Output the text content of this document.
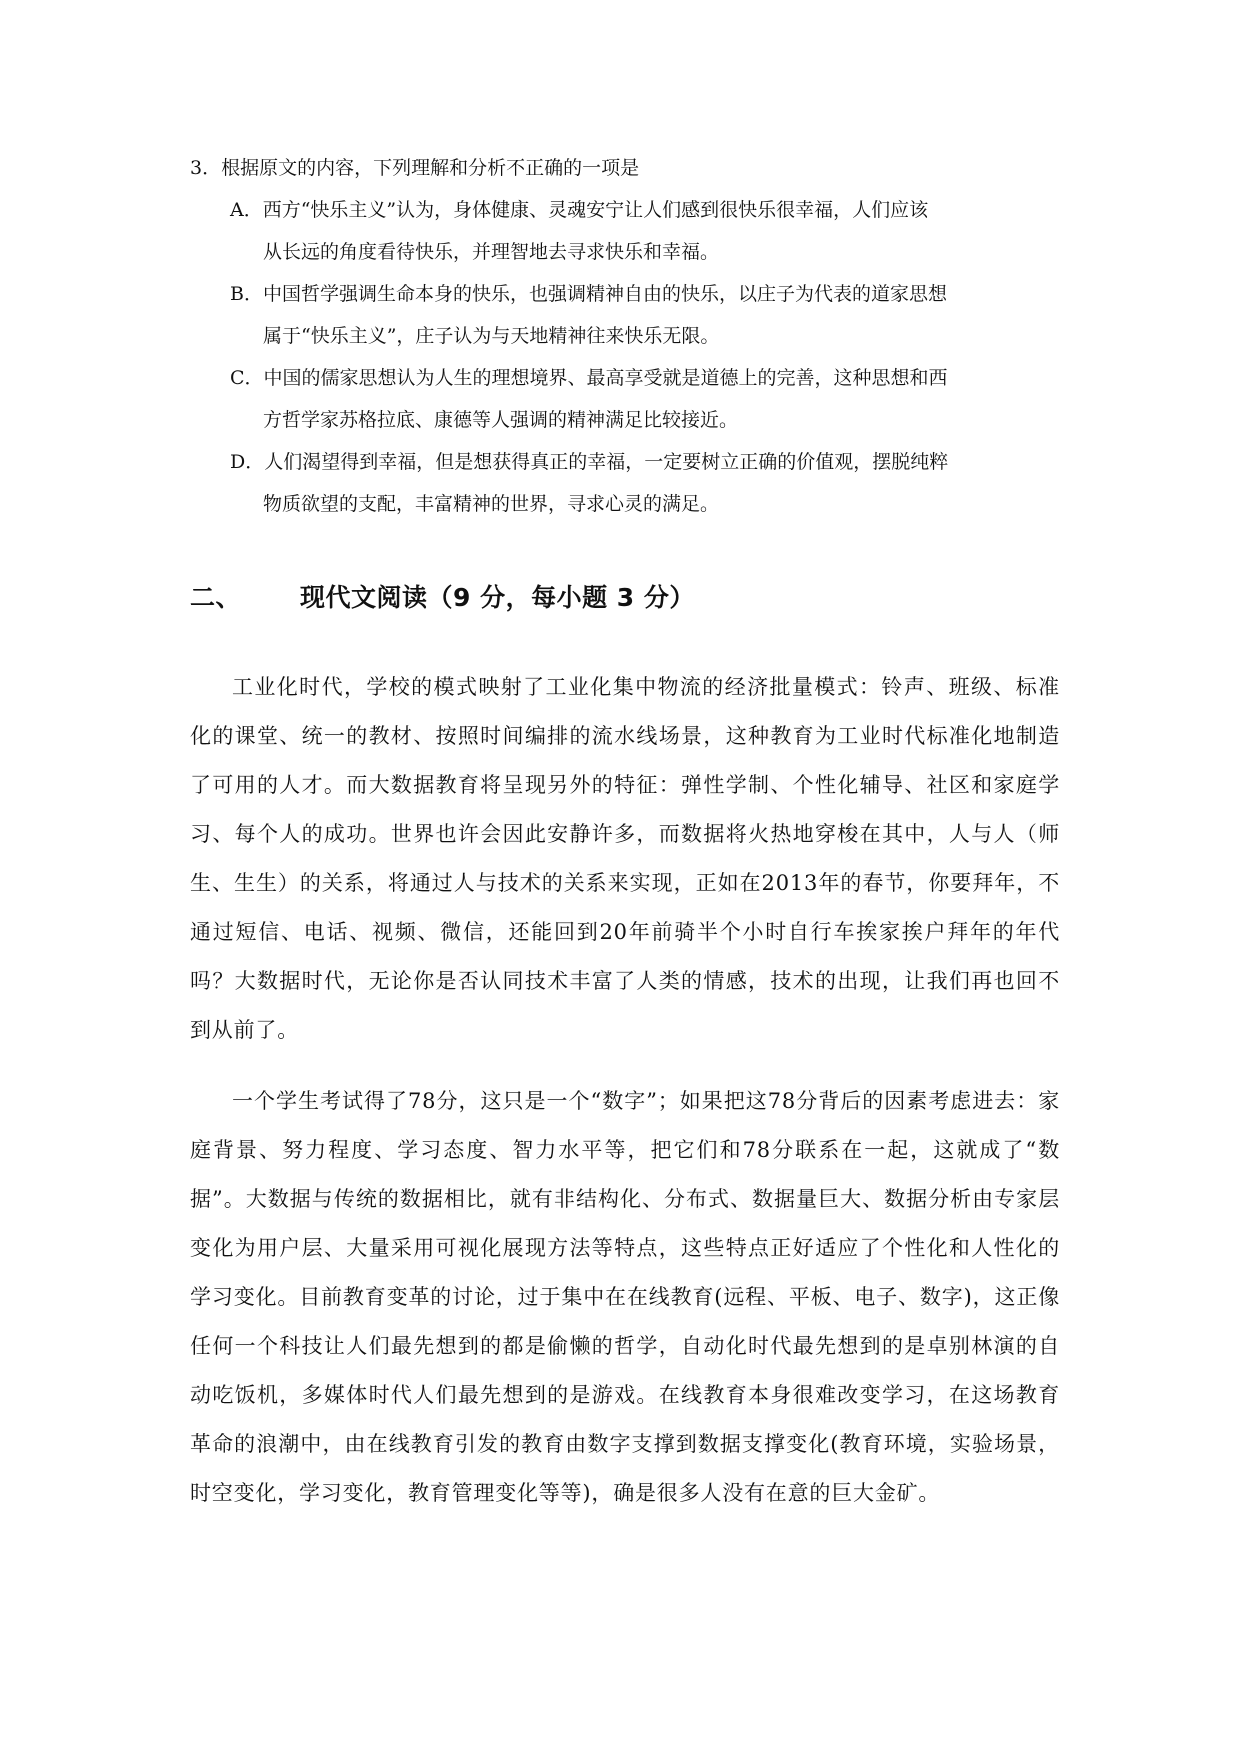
3．根据原文的内容，下列理解和分析不正确的一项是

A．西方“快乐主义”认为，身体健康、灵魂安宁让人们感到很快乐很幸福，人们应该
从长远的角度看待快乐，并理智地去寻求快乐和幸福。

B．中国哲学强调生命本身的快乐，也强调精神自由的快乐，以庄子为代表的道家思想
属于“快乐主义”，庄子认为与天地精神往来快乐无限。

C．中国的儒家思想认为人生的理想境界、最高享受就是道德上的完善，这种思想和西
方哲学家苏格拉底、康德等人强调的精神满足比较接近。

D．人们渴望得到幸福，但是想获得真正的幸福，一定要树立正确的价值观，摆脱纯粹
物质欲望的支配，丰富精神的世界，寻求心灵的满足。

二、 现代文阅读（9 分，每小题 3 分）

工业化时代，学校的模式映射了工业化集中物流的经济批量模式：铃声、班级、标准化的课堂、统一的教材、按照时间编排的流水线场景，这种教育为工业时代标准化地制造了可用的人才。而大数据教育将呈现另外的特征：弹性学制、个性化辅导、社区和家庭学习、每个人的成功。世界也许会因此安静许多，而数据将火热地穿梭在其中，人与人（师生、生生）的关系，将通过人与技术的关系来实现，正如在2013年的春节，你要拜年，不通过短信、电话、视频、微信，还能回到20年前骑半个小时自行车挨家挨户拜年的年代吗？大数据时代，无论你是否认同技术丰富了人类的情感，技术的出现，让我们再也回不到从前了。

一个学生考试得了78分，这只是一个“数字”；如果把这78分背后的因素考虑进去：家庭背景、努力程度、学习态度、智力水平等，把它们和78分联系在一起，这就成了“数据”。大数据与传统的数据相比，就有非结构化、分布式、数据量巨大、数据分析由专家层变化为用户层、大量采用可视化展现方法等特点，这些特点正好适应了个性化和人性化的学习变化。目前教育变革的讨论，过于集中在在线教育(远程、平板、电子、数字)，这正像任何一个科技让人们最先想到的都是偷懒的哲学，自动化时代最先想到的是卓别林演的自动吃饭机，多媒体时代人们最先想到的是游戏。在线教育本身很难改变学习，在这场教育革命的浪潮中，由在线教育引发的教育由数字支撑到数据支撑变化(教育环境，实验场景，时空变化，学习变化，教育管理变化等等)，确是很多人没有在意的巨大金矿。
